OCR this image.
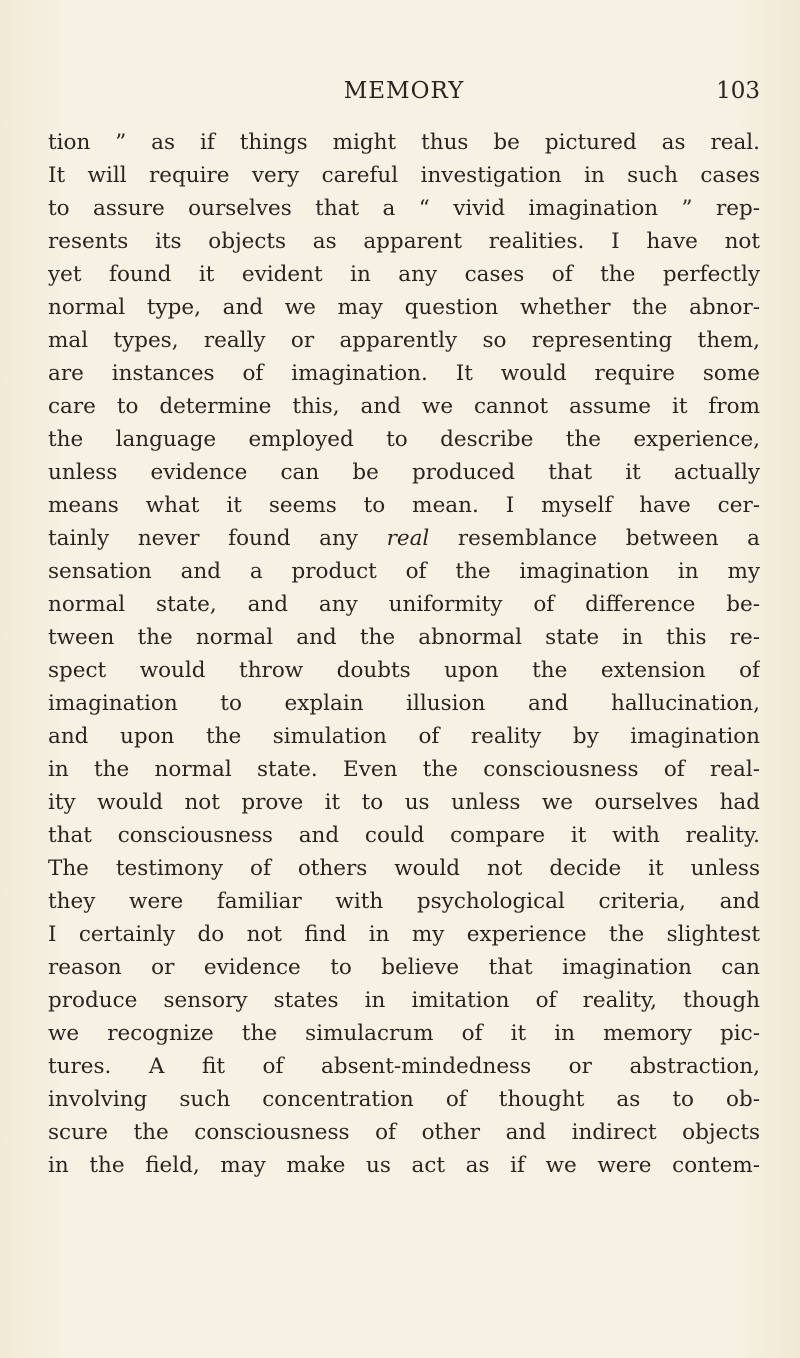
MEMORY	103
tion ” as if things might thus be pictured as real.
It will require very careful investigation in such cases
to assure ourselves that a “ vivid imagination ” rep-
resents its objects as apparent realities. I have not
yet found it evident in any cases of the perfectly
normal type, and we may question whether the abnor-
mal types, really or apparently so representing them,
are instances of imagination. It would require some
care to determine this, and we cannot assume it from
the language employed to describe the experience,
unless evidence can be produced that it actually
means what it seems to mean. I myself have cer-
tainly never found any real resemblance between a
sensation and a product of the imagination in my
normal state, and any uniformity of difference be-
tween the normal and the abnormal state in this re-
spect would throw doubts upon the extension of
imagination to explain illusion and hallucination,
and upon the simulation of reality by imagination
in the normal state. Even the consciousness of real-
ity would not prove it to us unless we ourselves had
that consciousness and could compare it with reality.
The testimony of others would not decide it unless
they were familiar with psychological criteria, and
I certainly do not find in my experience the slightest
reason or evidence to believe that imagination can
produce sensory states in imitation of reality, though
we recognize the simulacrum of it in memory pic-
tures. A fit of absent-mindedness or abstraction,
involving such concentration of thought as to ob-
scure the consciousness of other and indirect objects
in the field, may make us act as if we were contem-
